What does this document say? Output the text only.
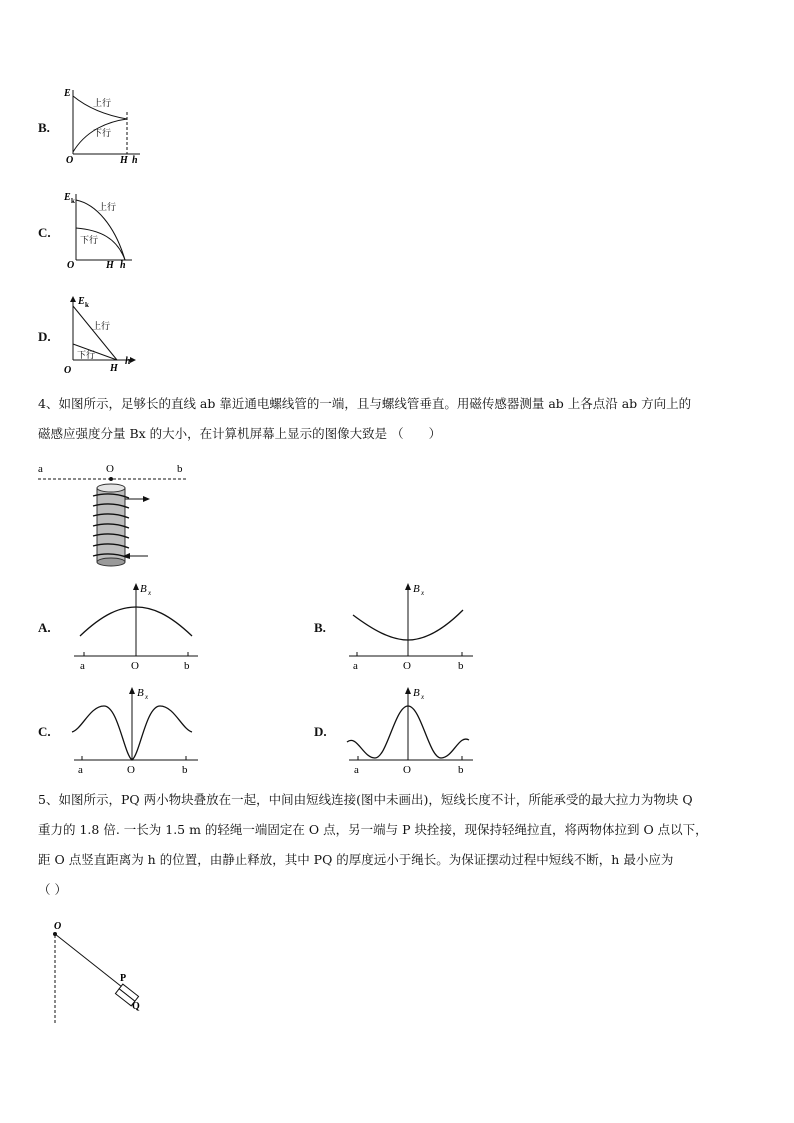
B.
E
上行
下行
O	H h
C.
E k
上行
下行
O	H h
D.
E k
上行
下行
O	H
h
4、如图所示，足够长的直线 ab 靠近通电螺线管的一端，且与螺线管垂直。用磁传感器测量 ab 上各点沿 ab 方向上的
磁感应强度分量 Bx 的大小，在计算机屏幕上显示的图像大致是 （　　）
a	O	b
A.
B x
a	O	b
B.
B x
a	O	b
C.
B x
a	O	b
D.
B x
a	O	b
5、如图所示，PQ 两小物块叠放在一起，中间由短线连接(图中未画出)，短线长度不计，所能承受的最大拉力为物块 Q
重力的 1.8 倍. 一长为 1.5 m 的轻绳一端固定在 O 点，另一端与 P 块拴接，现保持轻绳拉直，将两物体拉到 O 点以下，
距 O 点竖直距离为 h 的位置，由静止释放，其中 PQ 的厚度远小于绳长。为保证摆动过程中短线不断，h 最小应为
（ ）
O
P
Q
